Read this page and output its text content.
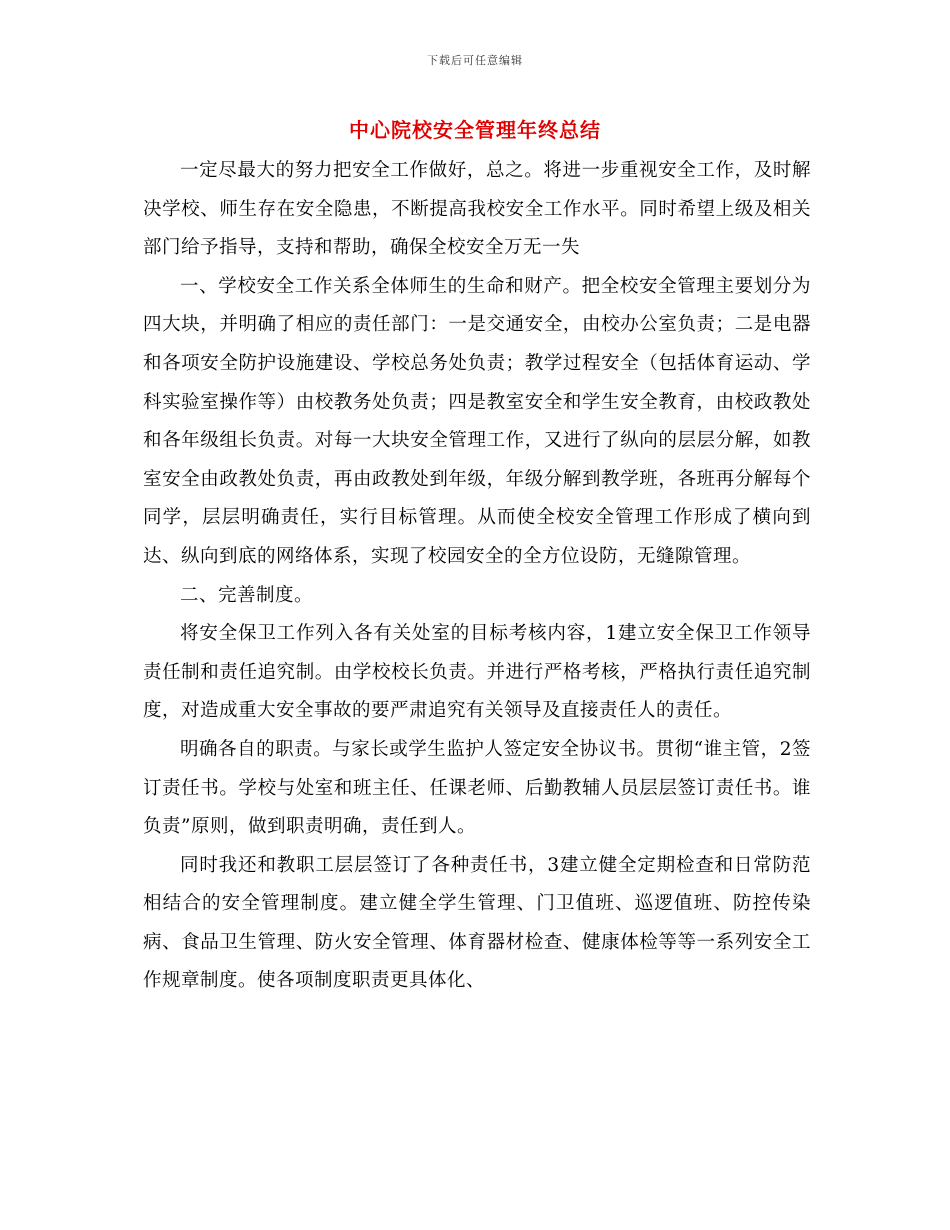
下载后可任意编辑
中心院校安全管理年终总结

一定尽最大的努力把安全工作做好，总之。将进一步重视安全工作，及时解决学校、师生存在安全隐患，不断提高我校安全工作水平。同时希望上级及相关部门给予指导，支持和帮助，确保全校安全万无一失

一、学校安全工作关系全体师生的生命和财产。把全校安全管理主要划分为四大块，并明确了相应的责任部门：一是交通安全，由校办公室负责；二是电器和各项安全防护设施建设、学校总务处负责；教学过程安全（包括体育运动、学科实验室操作等）由校教务处负责；四是教室安全和学生安全教育，由校政教处和各年级组长负责。对每一大块安全管理工作，又进行了纵向的层层分解，如教室安全由政教处负责，再由政教处到年级，年级分解到教学班，各班再分解每个同学，层层明确责任，实行目标管理。从而使全校安全管理工作形成了横向到达、纵向到底的网络体系，实现了校园安全的全方位设防，无缝隙管理。

二、完善制度。

将安全保卫工作列入各有关处室的目标考核内容，1建立安全保卫工作领导责任制和责任追究制。由学校校长负责。并进行严格考核，严格执行责任追究制度，对造成重大安全事故的要严肃追究有关领导及直接责任人的责任。

明确各自的职责。与家长或学生监护人签定安全协议书。贯彻“谁主管，2签订责任书。学校与处室和班主任、任课老师、后勤教辅人员层层签订责任书。谁负责”原则，做到职责明确，责任到人。

同时我还和教职工层层签订了各种责任书，3建立健全定期检查和日常防范相结合的安全管理制度。建立健全学生管理、门卫值班、巡逻值班、防控传染病、食品卫生管理、防火安全管理、体育器材检查、健康体检等等一系列安全工作规章制度。使各项制度职责更具体化、
